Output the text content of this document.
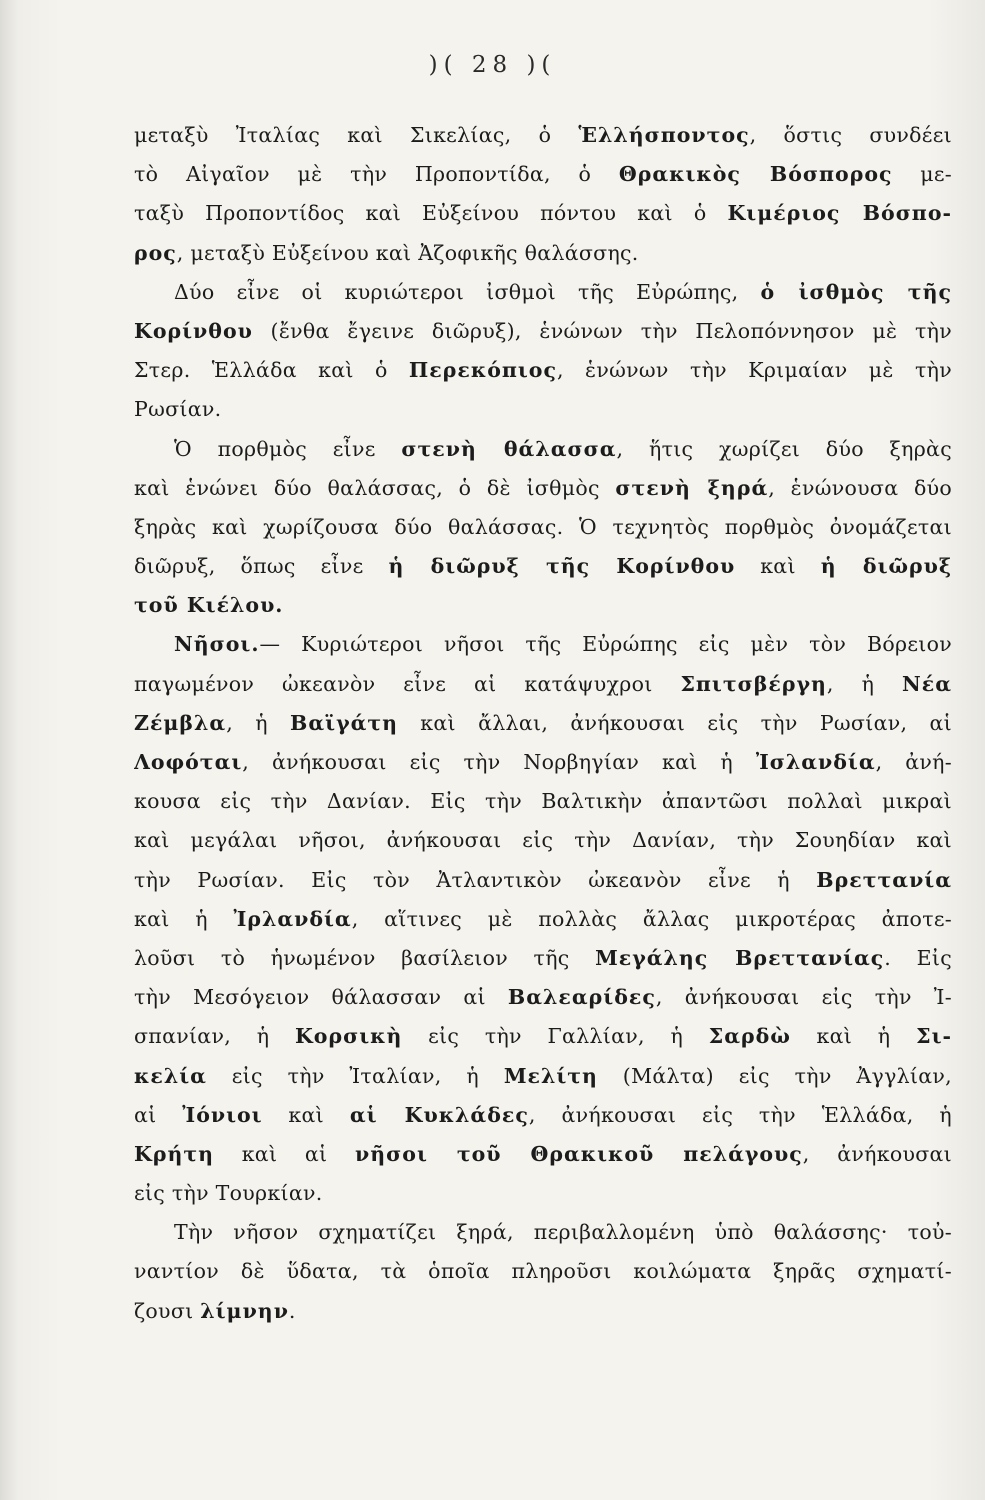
)( 28 )(
μεταξὺ Ἰταλίας καὶ Σικελίας, ὁ Ἑλλήσποντος, ὅστις συνδέει
τὸ Αἰγαῖον μὲ τὴν Προποντίδα, ὁ Θρακικὸς Βόσπορος με-
ταξὺ Προποντίδος καὶ Εὐξείνου πόντου καὶ ὁ Κιμέριος Βόσπο-
ρος, μεταξὺ Εὐξείνου καὶ Ἀζοφικῆς θαλάσσης.
Δύο εἶνε οἱ κυριώτεροι ἰσθμοὶ τῆς Εὐρώπης, ὁ ἰσθμὸς τῆς
Κορίνθου (ἔνθα ἔγεινε διῶρυξ), ἑνώνων τὴν Πελοπόννησον μὲ τὴν
Στερ. Ἑλλάδα καὶ ὁ Περεκόπιος, ἑνώνων τὴν Κριμαίαν μὲ τὴν
Ρωσίαν.
Ὁ πορθμὸς εἶνε στενὴ θάλασσα, ἥτις χωρίζει δύο ξηρὰς
καὶ ἑνώνει δύο θαλάσσας, ὁ δὲ ἰσθμὸς στενὴ ξηρά, ἑνώνουσα δύο
ξηρὰς καὶ χωρίζουσα δύο θαλάσσας. Ὁ τεχνητὸς πορθμὸς ὀνομάζεται
διῶρυξ, ὅπως εἶνε ἡ διῶρυξ τῆς Κορίνθου καὶ ἡ διῶρυξ
τοῦ Κιέλου.
Νῆσοι.— Κυριώτεροι νῆσοι τῆς Εὐρώπης εἰς μὲν τὸν Βόρειον
παγωμένον ὠκεανὸν εἶνε αἱ κατάψυχροι Σπιτσβέργη, ἡ Νέα
Ζέμβλα, ἡ Βαϊγάτη καὶ ἄλλαι, ἀνήκουσαι εἰς τὴν Ρωσίαν, αἱ
Λοφόται, ἀνήκουσαι εἰς τὴν Νορβηγίαν καὶ ἡ Ἰσλανδία, ἀνή-
κουσα εἰς τὴν Δανίαν. Εἰς τὴν Βαλτικὴν ἀπαντῶσι πολλαὶ μικραὶ
καὶ μεγάλαι νῆσοι, ἀνήκουσαι εἰς τὴν Δανίαν, τὴν Σουηδίαν καὶ
τὴν Ρωσίαν. Εἰς τὸν Ἀτλαντικὸν ὠκεανὸν εἶνε ἡ Βρεττανία
καὶ ἡ Ἰρλανδία, αἵτινες μὲ πολλὰς ἄλλας μικροτέρας ἀποτε-
λοῦσι τὸ ἡνωμένον βασίλειον τῆς Μεγάλης Βρεττανίας. Εἰς
τὴν Μεσόγειον θάλασσαν αἱ Βαλεαρίδες, ἀνήκουσαι εἰς τὴν Ἰ-
σπανίαν, ἡ Κορσικὴ εἰς τὴν Γαλλίαν, ἡ Σαρδὼ καὶ ἡ Σι-
κελία εἰς τὴν Ἰταλίαν, ἡ Μελίτη (Μάλτα) εἰς τὴν Ἀγγλίαν,
αἱ Ἰόνιοι καὶ αἱ Κυκλάδες, ἀνήκουσαι εἰς τὴν Ἑλλάδα, ἡ
Κρήτη καὶ αἱ νῆσοι τοῦ Θρακικοῦ πελάγους, ἀνήκουσαι
εἰς τὴν Τουρκίαν.
Τὴν νῆσον σχηματίζει ξηρά, περιβαλλομένη ὑπὸ θαλάσσης· τοὐ-
ναντίον δὲ ὕδατα, τὰ ὁποῖα πληροῦσι κοιλώματα ξηρᾶς σχηματί-
ζουσι λίμνην.
